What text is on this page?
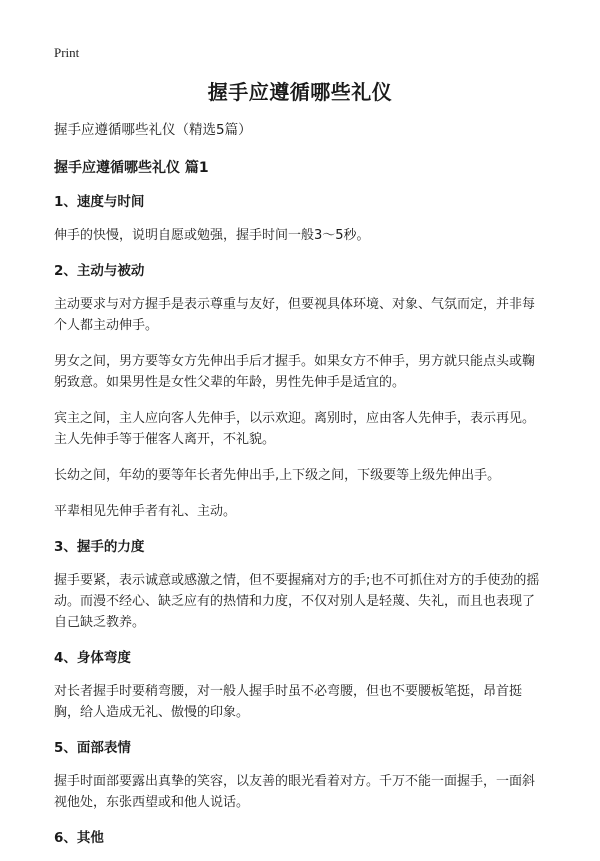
Print
握手应遵循哪些礼仪

握手应遵循哪些礼仪（精选5篇）

握手应遵循哪些礼仪 篇1

1、速度与时间

伸手的快慢，说明自愿或勉强，握手时间一般3～5秒。

2、主动与被动

主动要求与对方握手是表示尊重与友好，但要视具体环境、对象、气氛而定，并非每个人都主动伸手。

男女之间，男方要等女方先伸出手后才握手。如果女方不伸手，男方就只能点头或鞠躬致意。如果男性是女性父辈的年龄，男性先伸手是适宜的。

宾主之间，主人应向客人先伸手，以示欢迎。离别时，应由客人先伸手，表示再见。主人先伸手等于催客人离开，不礼貌。

长幼之间，年幼的要等年长者先伸出手,上下级之间，下级要等上级先伸出手。

平辈相见先伸手者有礼、主动。

3、握手的力度

握手要紧，表示诚意或感激之情，但不要握痛对方的手;也不可抓住对方的手使劲的摇动。而漫不经心、缺乏应有的热情和力度，不仅对别人是轻蔑、失礼，而且也表现了自己缺乏教养。

4、身体弯度

对长者握手时要稍弯腰，对一般人握手时虽不必弯腰，但也不要腰板笔挺，昂首挺胸，给人造成无礼、傲慢的印象。

5、面部表情

握手时面部要露出真挚的笑容，以友善的眼光看着对方。千万不能一面握手，一面斜视他处，东张西望或和他人说话。

6、其他
